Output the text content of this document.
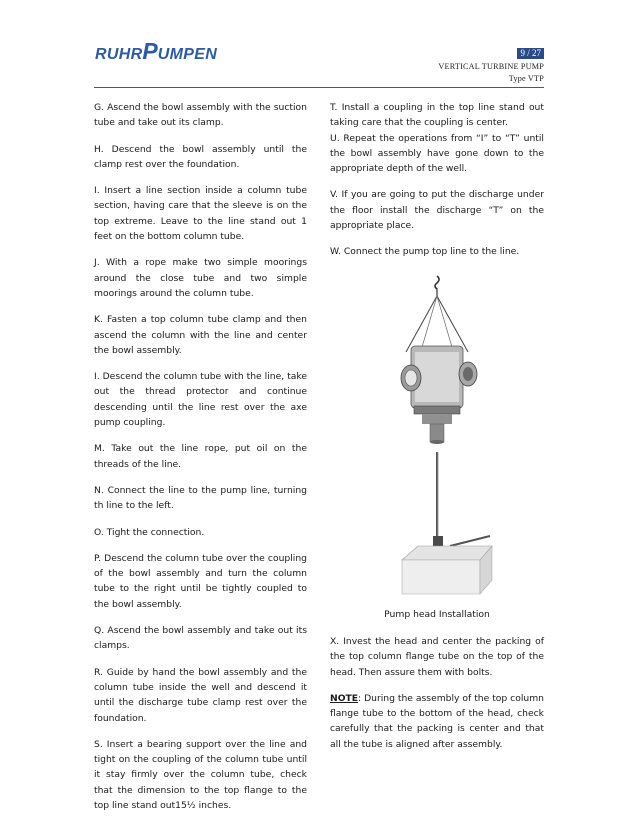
RUHRPUMPEN	9 / 27
VERTICAL TURBINE PUMP
Type VTP

G. Ascend the bowl assembly with the suction tube and take out its clamp.

H. Descend the bowl assembly until the clamp rest over the foundation.

I. Insert a line section inside a column tube section, having care that the sleeve is on the top extreme. Leave to the line stand out 1 feet on the bottom column tube.

J. With a rope make two simple moorings around the close tube and two simple moorings around the column tube.

K. Fasten a top column tube clamp and then ascend the column with the line and center the bowl assembly.

I. Descend the column tube with the line, take out the thread protector and continue descending until the line rest over the axe pump coupling.

M. Take out the line rope, put oil on the threads of the line.

N. Connect the line to the pump line, turning th line to the left.

O. Tight the connection.

P. Descend the column tube over the coupling of the bowl assembly and turn the column tube to the right until be tightly coupled to the bowl assembly.

Q. Ascend the bowl assembly and take out its clamps.

R. Guide by hand the bowl assembly and the column tube inside the well and descend it until the discharge tube clamp rest over the foundation.

S. Insert a bearing support over the line and tight on the coupling of the column tube until it stay firmly over the column tube, check that the dimension to the top flange to the top line stand out15½ inches.

T. Install a coupling in the top line stand out taking care that the coupling is center.

U. Repeat the operations from “I” to “T” until the bowl assembly have gone down to the appropriate depth of the well.

V. If you are going to put the discharge under the floor install the discharge “T” on the appropriate place.

W. Connect the pump top line to the line.

Pump head Installation

X. Invest the head and center the packing of the top column flange tube on the top of the head. Then assure them with bolts.

NOTE: During the assembly of the top column flange tube to the bottom of the head, check carefully that the packing is center and that all the tube is aligned after assembly.
